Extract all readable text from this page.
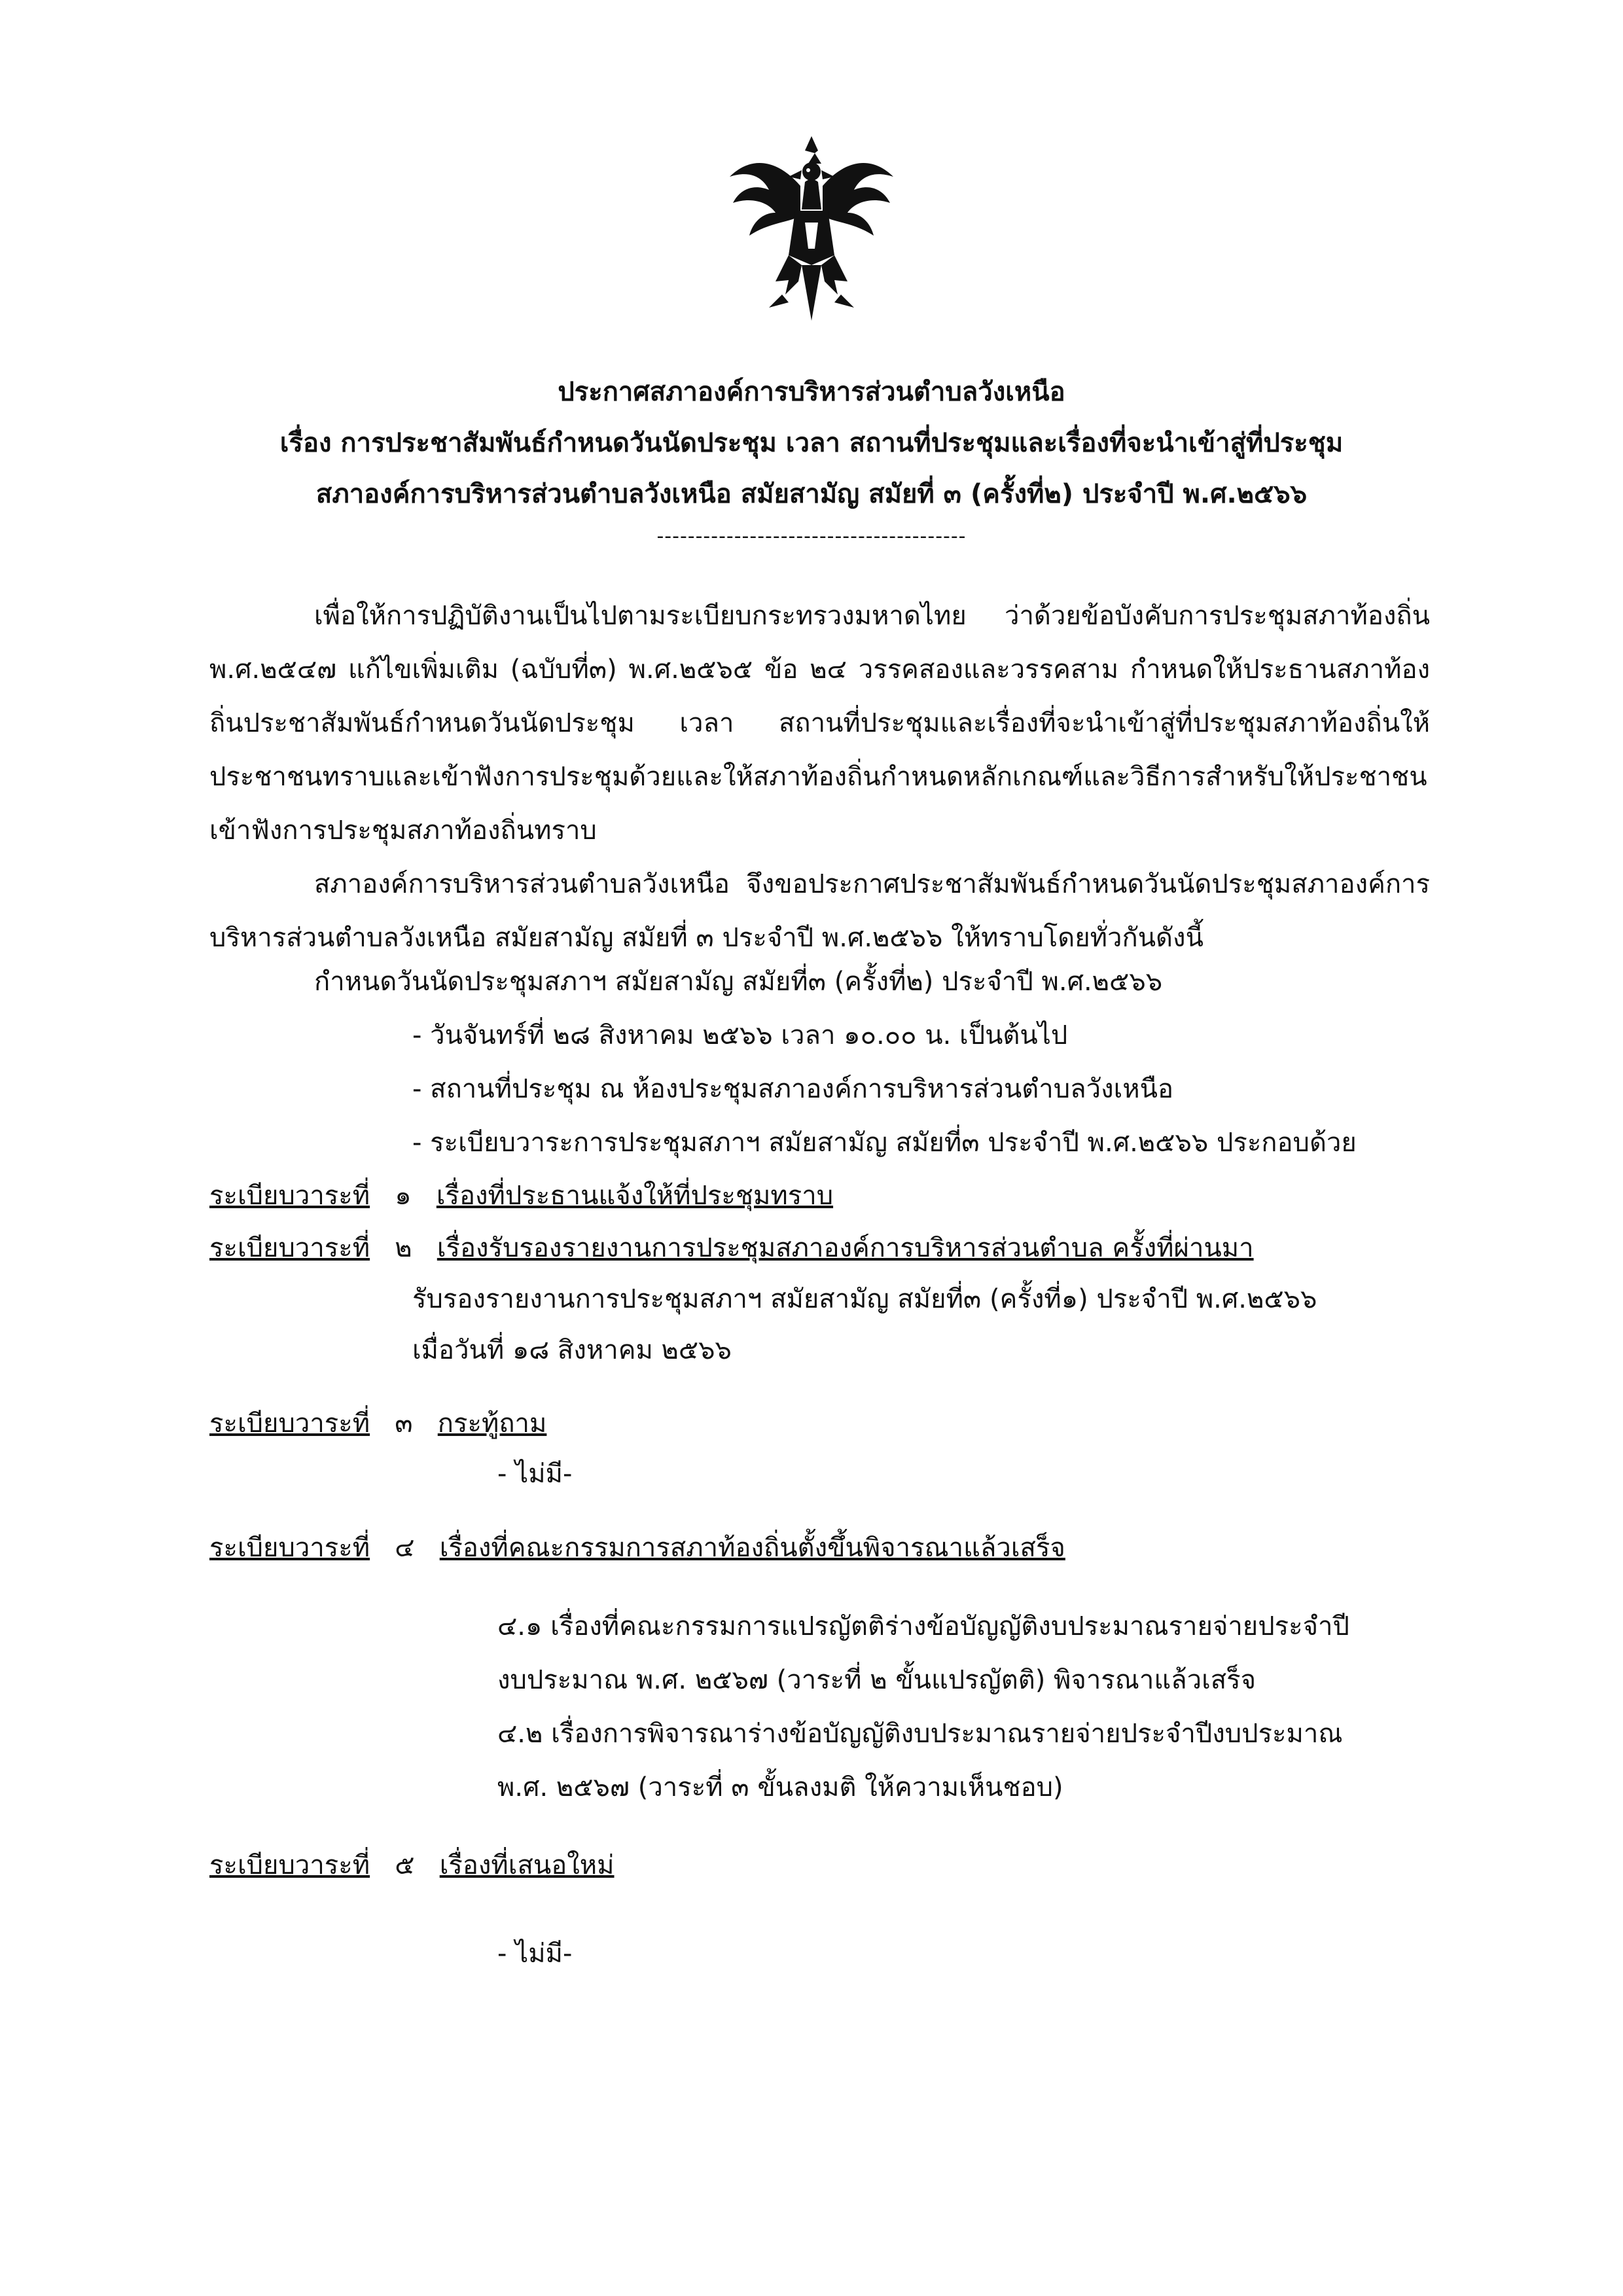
ประกาศสภาองค์การบริหารส่วนตำบลวังเหนือ
เรื่อง การประชาสัมพันธ์กำหนดวันนัดประชุม เวลา สถานที่ประชุมและเรื่องที่จะนำเข้าสู่ที่ประชุม
สภาองค์การบริหารส่วนตำบลวังเหนือ สมัยสามัญ สมัยที่ ๓ (ครั้งที่๒) ประจำปี พ.ศ.๒๕๖๖
----------------------------------------
เพื่อให้การปฏิบัติงานเป็นไปตามระเบียบกระทรวงมหาดไทย ว่าด้วยข้อบังคับการประชุมสภาท้องถิ่น พ.ศ.๒๕๔๗ แก้ไขเพิ่มเติม (ฉบับที่๓) พ.ศ.๒๕๖๕ ข้อ ๒๔ วรรคสองและวรรคสาม กำหนดให้ประธานสภาท้องถิ่นประชาสัมพันธ์กำหนดวันนัดประชุม เวลา สถานที่ประชุมและเรื่องที่จะนำเข้าสู่ที่ประชุมสภาท้องถิ่นให้ประชาชนทราบและเข้าฟังการประชุมด้วยและให้สภาท้องถิ่นกำหนดหลักเกณฑ์และวิธีการสำหรับให้ประชาชนเข้าฟังการประชุมสภาท้องถิ่นทราบ
สภาองค์การบริหารส่วนตำบลวังเหนือ จึงขอประกาศประชาสัมพันธ์กำหนดวันนัดประชุมสภาองค์การบริหารส่วนตำบลวังเหนือ สมัยสามัญ สมัยที่ ๓ ประจำปี พ.ศ.๒๕๖๖ ให้ทราบโดยทั่วกันดังนี้
กำหนดวันนัดประชุมสภาฯ สมัยสามัญ สมัยที่๓ (ครั้งที่๒) ประจำปี พ.ศ.๒๕๖๖
- วันจันทร์ที่ ๒๘ สิงหาคม ๒๕๖๖ เวลา ๑๐.๐๐ น. เป็นต้นไป
- สถานที่ประชุม ณ ห้องประชุมสภาองค์การบริหารส่วนตำบลวังเหนือ
- ระเบียบวาระการประชุมสภาฯ สมัยสามัญ สมัยที่๓ ประจำปี พ.ศ.๒๕๖๖ ประกอบด้วย
ระเบียบวาระที่ ๑ เรื่องที่ประธานแจ้งให้ที่ประชุมทราบ
ระเบียบวาระที่ ๒ เรื่องรับรองรายงานการประชุมสภาองค์การบริหารส่วนตำบล ครั้งที่ผ่านมา
รับรองรายงานการประชุมสภาฯ สมัยสามัญ สมัยที่๓ (ครั้งที่๑) ประจำปี พ.ศ.๒๕๖๖
เมื่อวันที่ ๑๘ สิงหาคม ๒๕๖๖
ระเบียบวาระที่ ๓ กระทู้ถาม
- ไม่มี-
ระเบียบวาระที่ ๔ เรื่องที่คณะกรรมการสภาท้องถิ่นตั้งขึ้นพิจารณาแล้วเสร็จ
๔.๑ เรื่องที่คณะกรรมการแปรญัตติร่างข้อบัญญัติงบประมาณรายจ่ายประจำปี
งบประมาณ พ.ศ. ๒๕๖๗ (วาระที่ ๒ ขั้นแปรญัตติ) พิจารณาแล้วเสร็จ
๔.๒ เรื่องการพิจารณาร่างข้อบัญญัติงบประมาณรายจ่ายประจำปีงบประมาณ
พ.ศ. ๒๕๖๗ (วาระที่ ๓ ขั้นลงมติ ให้ความเห็นชอบ)
ระเบียบวาระที่ ๕ เรื่องที่เสนอใหม่
- ไม่มี-
